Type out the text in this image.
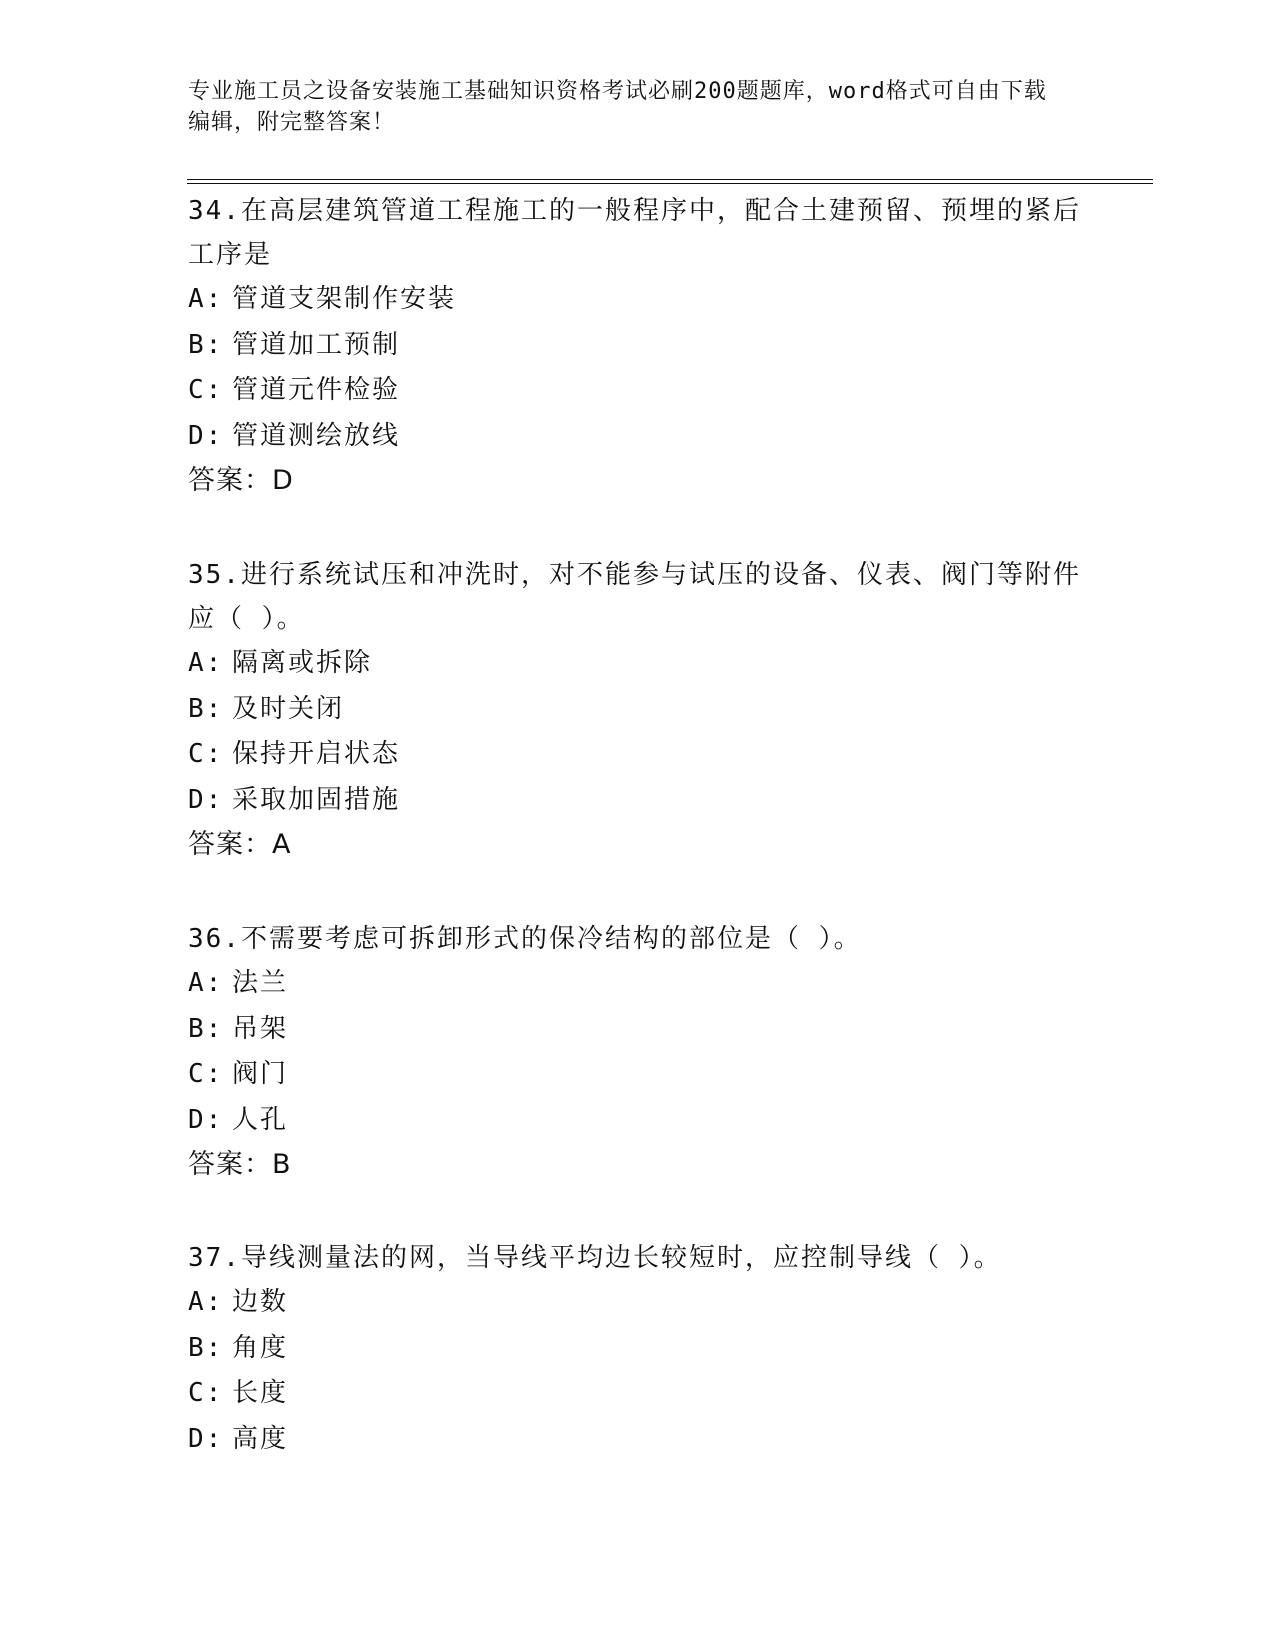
专业施工员之设备安装施工基础知识资格考试必刷200题题库，word格式可自由下载编辑，附完整答案！

34.在高层建筑管道工程施工的一般程序中，配合土建预留、预埋的紧后工序是

A: 管道支架制作安装

B: 管道加工预制

C: 管道元件检验

D: 管道测绘放线

答案：D

35.进行系统试压和冲洗时，对不能参与试压的设备、仪表、阀门等附件应（ ）。

A: 隔离或拆除

B: 及时关闭

C: 保持开启状态

D: 采取加固措施

答案：A

36.不需要考虑可拆卸形式的保冷结构的部位是（ ）。

A: 法兰

B: 吊架

C: 阀门

D: 人孔

答案：B

37.导线测量法的网，当导线平均边长较短时，应控制导线（ ）。

A: 边数

B: 角度

C: 长度

D: 高度
